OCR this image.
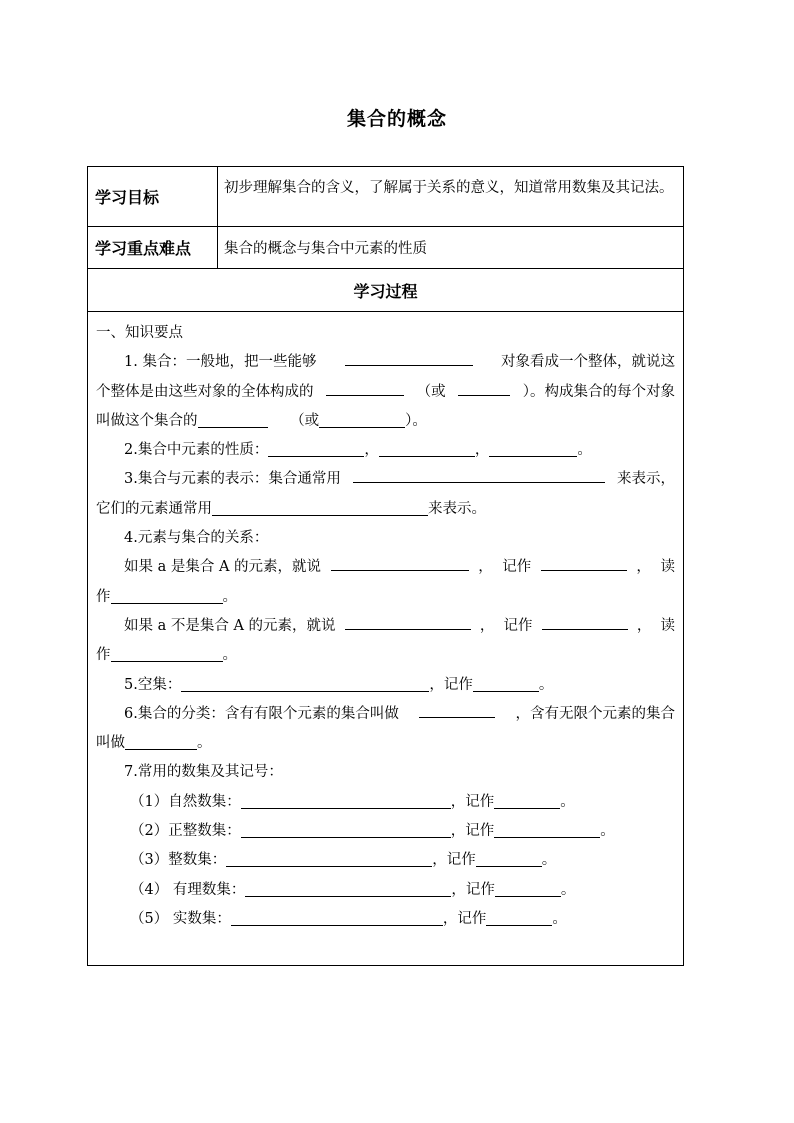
集合的概念
学习目标	初步理解集合的含义，了解属于关系的意义，知道常用数集及其记法。
学习重点难点	集合的概念与集合中元素的性质
学习过程
一、知识要点
1. 集合：一般地，把一些能够	对象看成一个整体，就说这
个整体是由这些对象的全体构成的	（或	）。构成集合的每个对象
叫做这个集合的	（或	）。
2.集合中元素的性质：	，	，	。
3.集合与元素的表示：集合通常用	来表示，
它们的元素通常用	来表示。
4.元素与集合的关系：
如果 a 是集合 A 的元素，就说	， 记作	， 读
作	。
如果 a 不是集合 A 的元素，就说	， 记作	， 读
作	。
5.空集：	，记作	。
6.集合的分类：含有有限个元素的集合叫做	，含有无限个元素的集合
叫做	。
7.常用的数集及其记号：
（1）自然数集：	，记作	。
（2）正整数集：	，记作	。
（3）整数集：	，记作	。
（4） 有理数集：	，记作	。
（5） 实数集：	，记作	。
